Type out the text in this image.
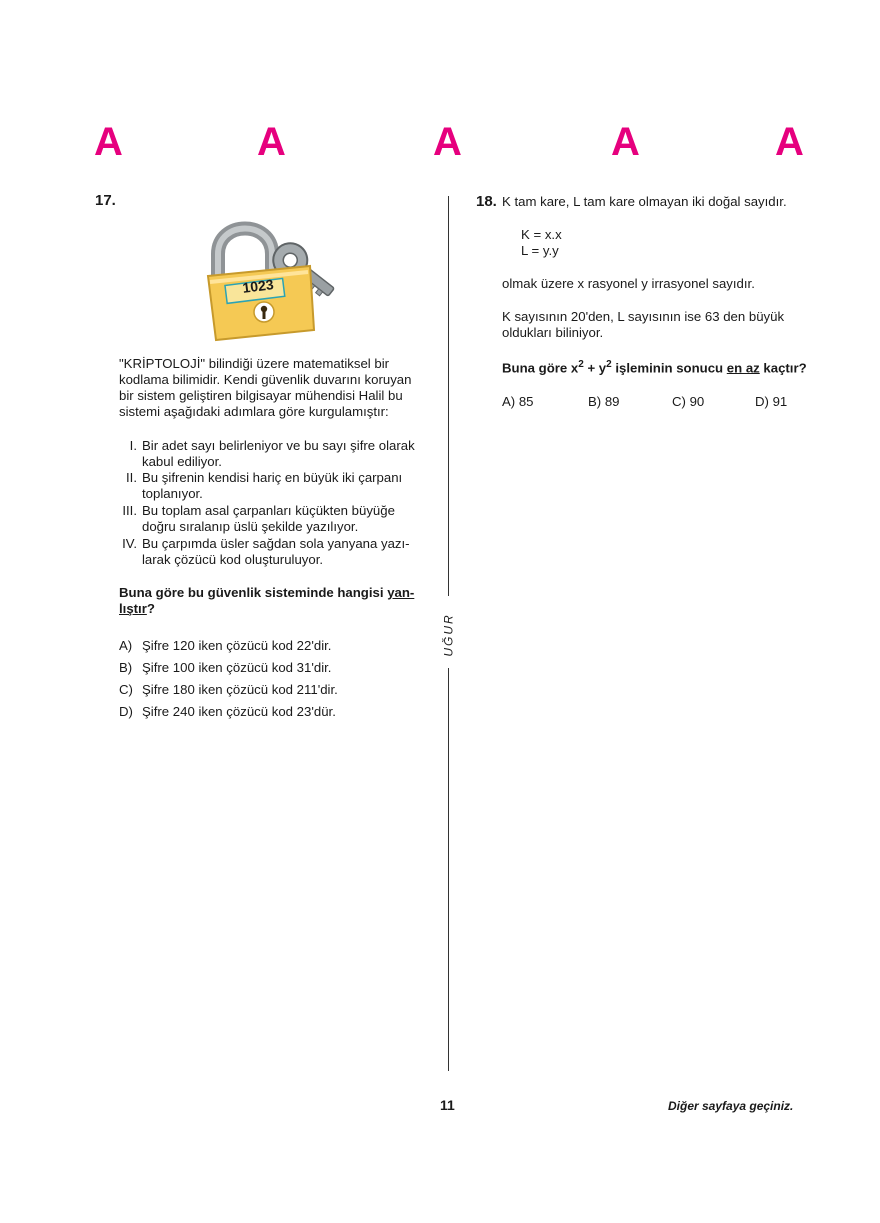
A	A	A	A	A
UĞUR
17.
1023
"KRİPTOLOJİ" bilindiği üzere matematiksel bir
kodlama bilimidir. Kendi güvenlik duvarını koruyan
bir sistem geliştiren bilgisayar mühendisi Halil bu
sistemi aşağıdaki adımlara göre kurgulamıştır:
I. Bir adet sayı belirleniyor ve bu sayı şifre olarak
kabul ediliyor.
II. Bu şifrenin kendisi hariç en büyük iki çarpanı
toplanıyor.
III. Bu toplam asal çarpanları küçükten büyüğe
doğru sıralanıp üslü şekilde yazılıyor.
IV. Bu çarpımda üsler sağdan sola yanyana yazı-
larak çözücü kod oluşturuluyor.
Buna göre bu güvenlik sisteminde hangisi yan-
lıştır?
A) Şifre 120 iken çözücü kod 22'dir.
B) Şifre 100 iken çözücü kod 31'dir.
C) Şifre 180 iken çözücü kod 211'dir.
D) Şifre 240 iken çözücü kod 23'dür.
18. K tam kare, L tam kare olmayan iki doğal sayıdır.
K = x.x
L = y.y
olmak üzere x rasyonel y irrasyonel sayıdır.
K sayısının 20'den, L sayısının ise 63 den büyük
oldukları biliniyor.
Buna göre $x^2 + y^2$ işleminin sonucu en az kaçtır?
A) 85	B) 89	C) 90	D) 91
11	Diğer sayfaya geçiniz.
